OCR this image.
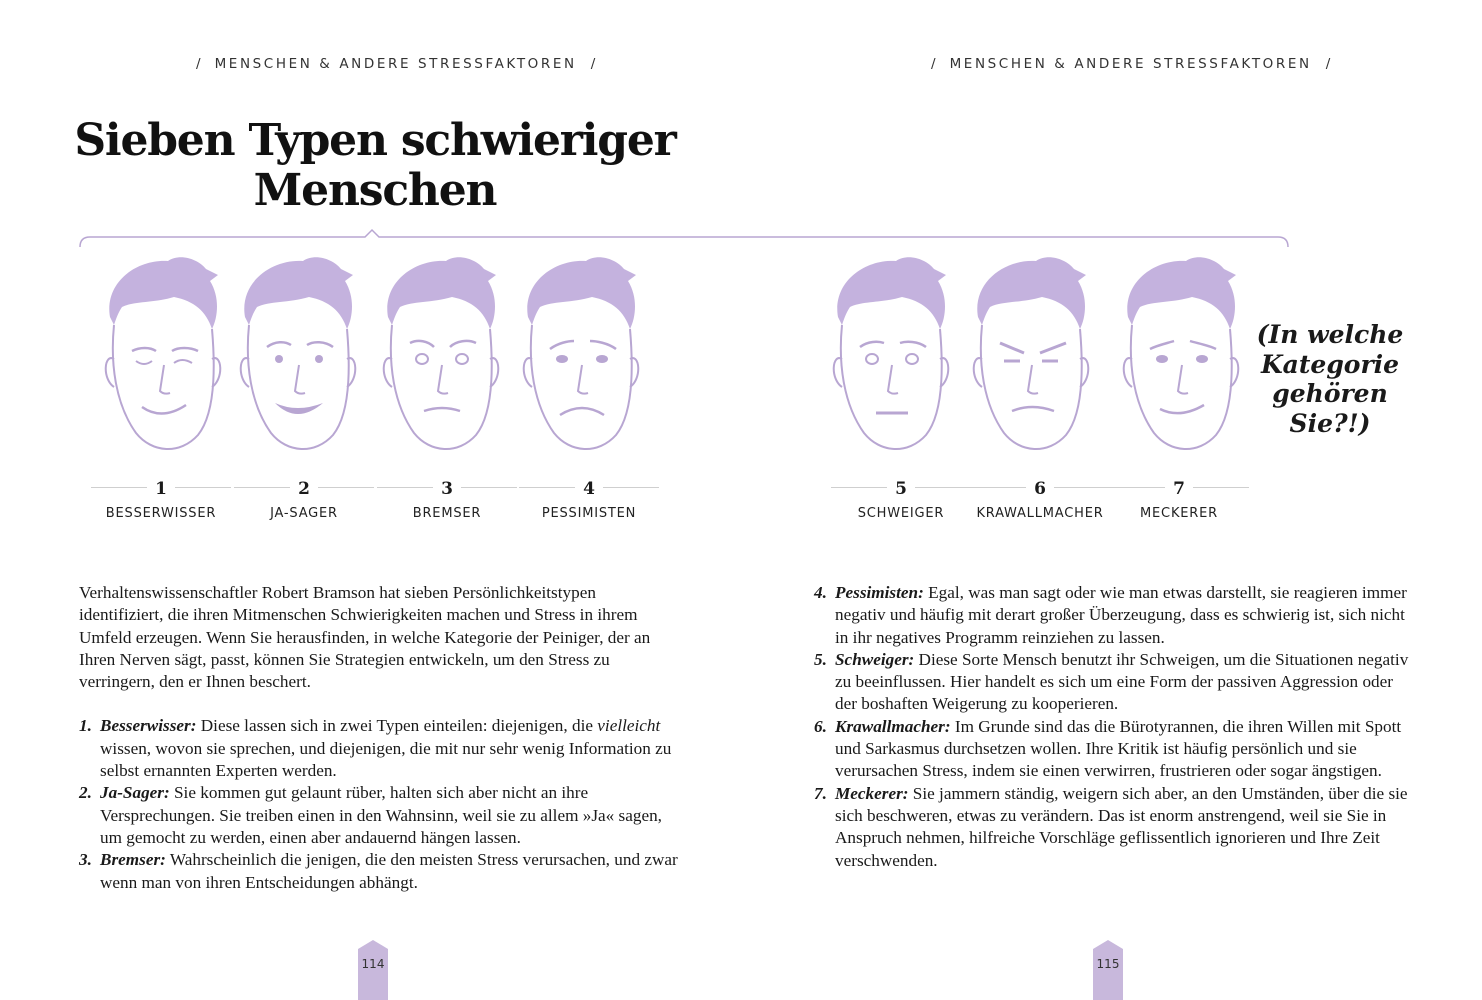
/ MENSCHEN & ANDERE STRESSFAKTOREN /	/ MENSCHEN & ANDERE STRESSFAKTOREN /
Sieben Typen schwieriger
Menschen
(In welche
Kategorie
gehören
Sie?!)
1
BESSERWISSER
2
JA-SAGER
3
BREMSER
4
PESSIMISTEN
5
SCHWEIGER
6
KRAWALLMACHER
7
MECKERER

Verhaltenswissenschaftler Robert Bramson hat sieben Persönlichkeitstypen identifiziert, die ihren Mitmenschen Schwierigkeiten machen und Stress in ihrem Umfeld erzeugen. Wenn Sie herausfinden, in welche Kategorie der Peiniger, der an Ihren Nerven sägt, passt, können Sie Strategien entwickeln, um den Stress zu verringern, den er Ihnen beschert.

1. Besserwisser: Diese lassen sich in zwei Typen einteilen: diejenigen, die vielleicht wissen, wovon sie sprechen, und diejenigen, die mit nur sehr wenig Information zu selbst ernannten Experten werden.
2. Ja-Sager: Sie kommen gut gelaunt rüber, halten sich aber nicht an ihre Versprechungen. Sie treiben einen in den Wahnsinn, weil sie zu allem »Ja« sagen, um gemocht zu werden, einen aber andauernd hängen lassen.
3. Bremser: Wahrscheinlich die jenigen, die den meisten Stress verursachen, und zwar wenn man von ihren Entscheidungen abhängt.
4. Pessimisten: Egal, was man sagt oder wie man etwas darstellt, sie reagieren immer negativ und häufig mit derart großer Überzeugung, dass es schwierig ist, sich nicht in ihr negatives Programm reinziehen zu lassen.
5. Schweiger: Diese Sorte Mensch benutzt ihr Schweigen, um die Situationen negativ zu beeinflussen. Hier handelt es sich um eine Form der passiven Aggression oder der boshaften Weigerung zu kooperieren.
6. Krawallmacher: Im Grunde sind das die Bürotyrannen, die ihren Willen mit Spott und Sarkasmus durchsetzen wollen. Ihre Kritik ist häufig persönlich und sie verursachen Stress, indem sie einen verwirren, frustrieren oder sogar ängstigen.
7. Meckerer: Sie jammern ständig, weigern sich aber, an den Umständen, über die sie sich beschweren, etwas zu verändern. Das ist enorm anstrengend, weil sie Sie in Anspruch nehmen, hilfreiche Vorschläge geflissentlich ignorieren und Ihre Zeit verschwenden.
114	115
